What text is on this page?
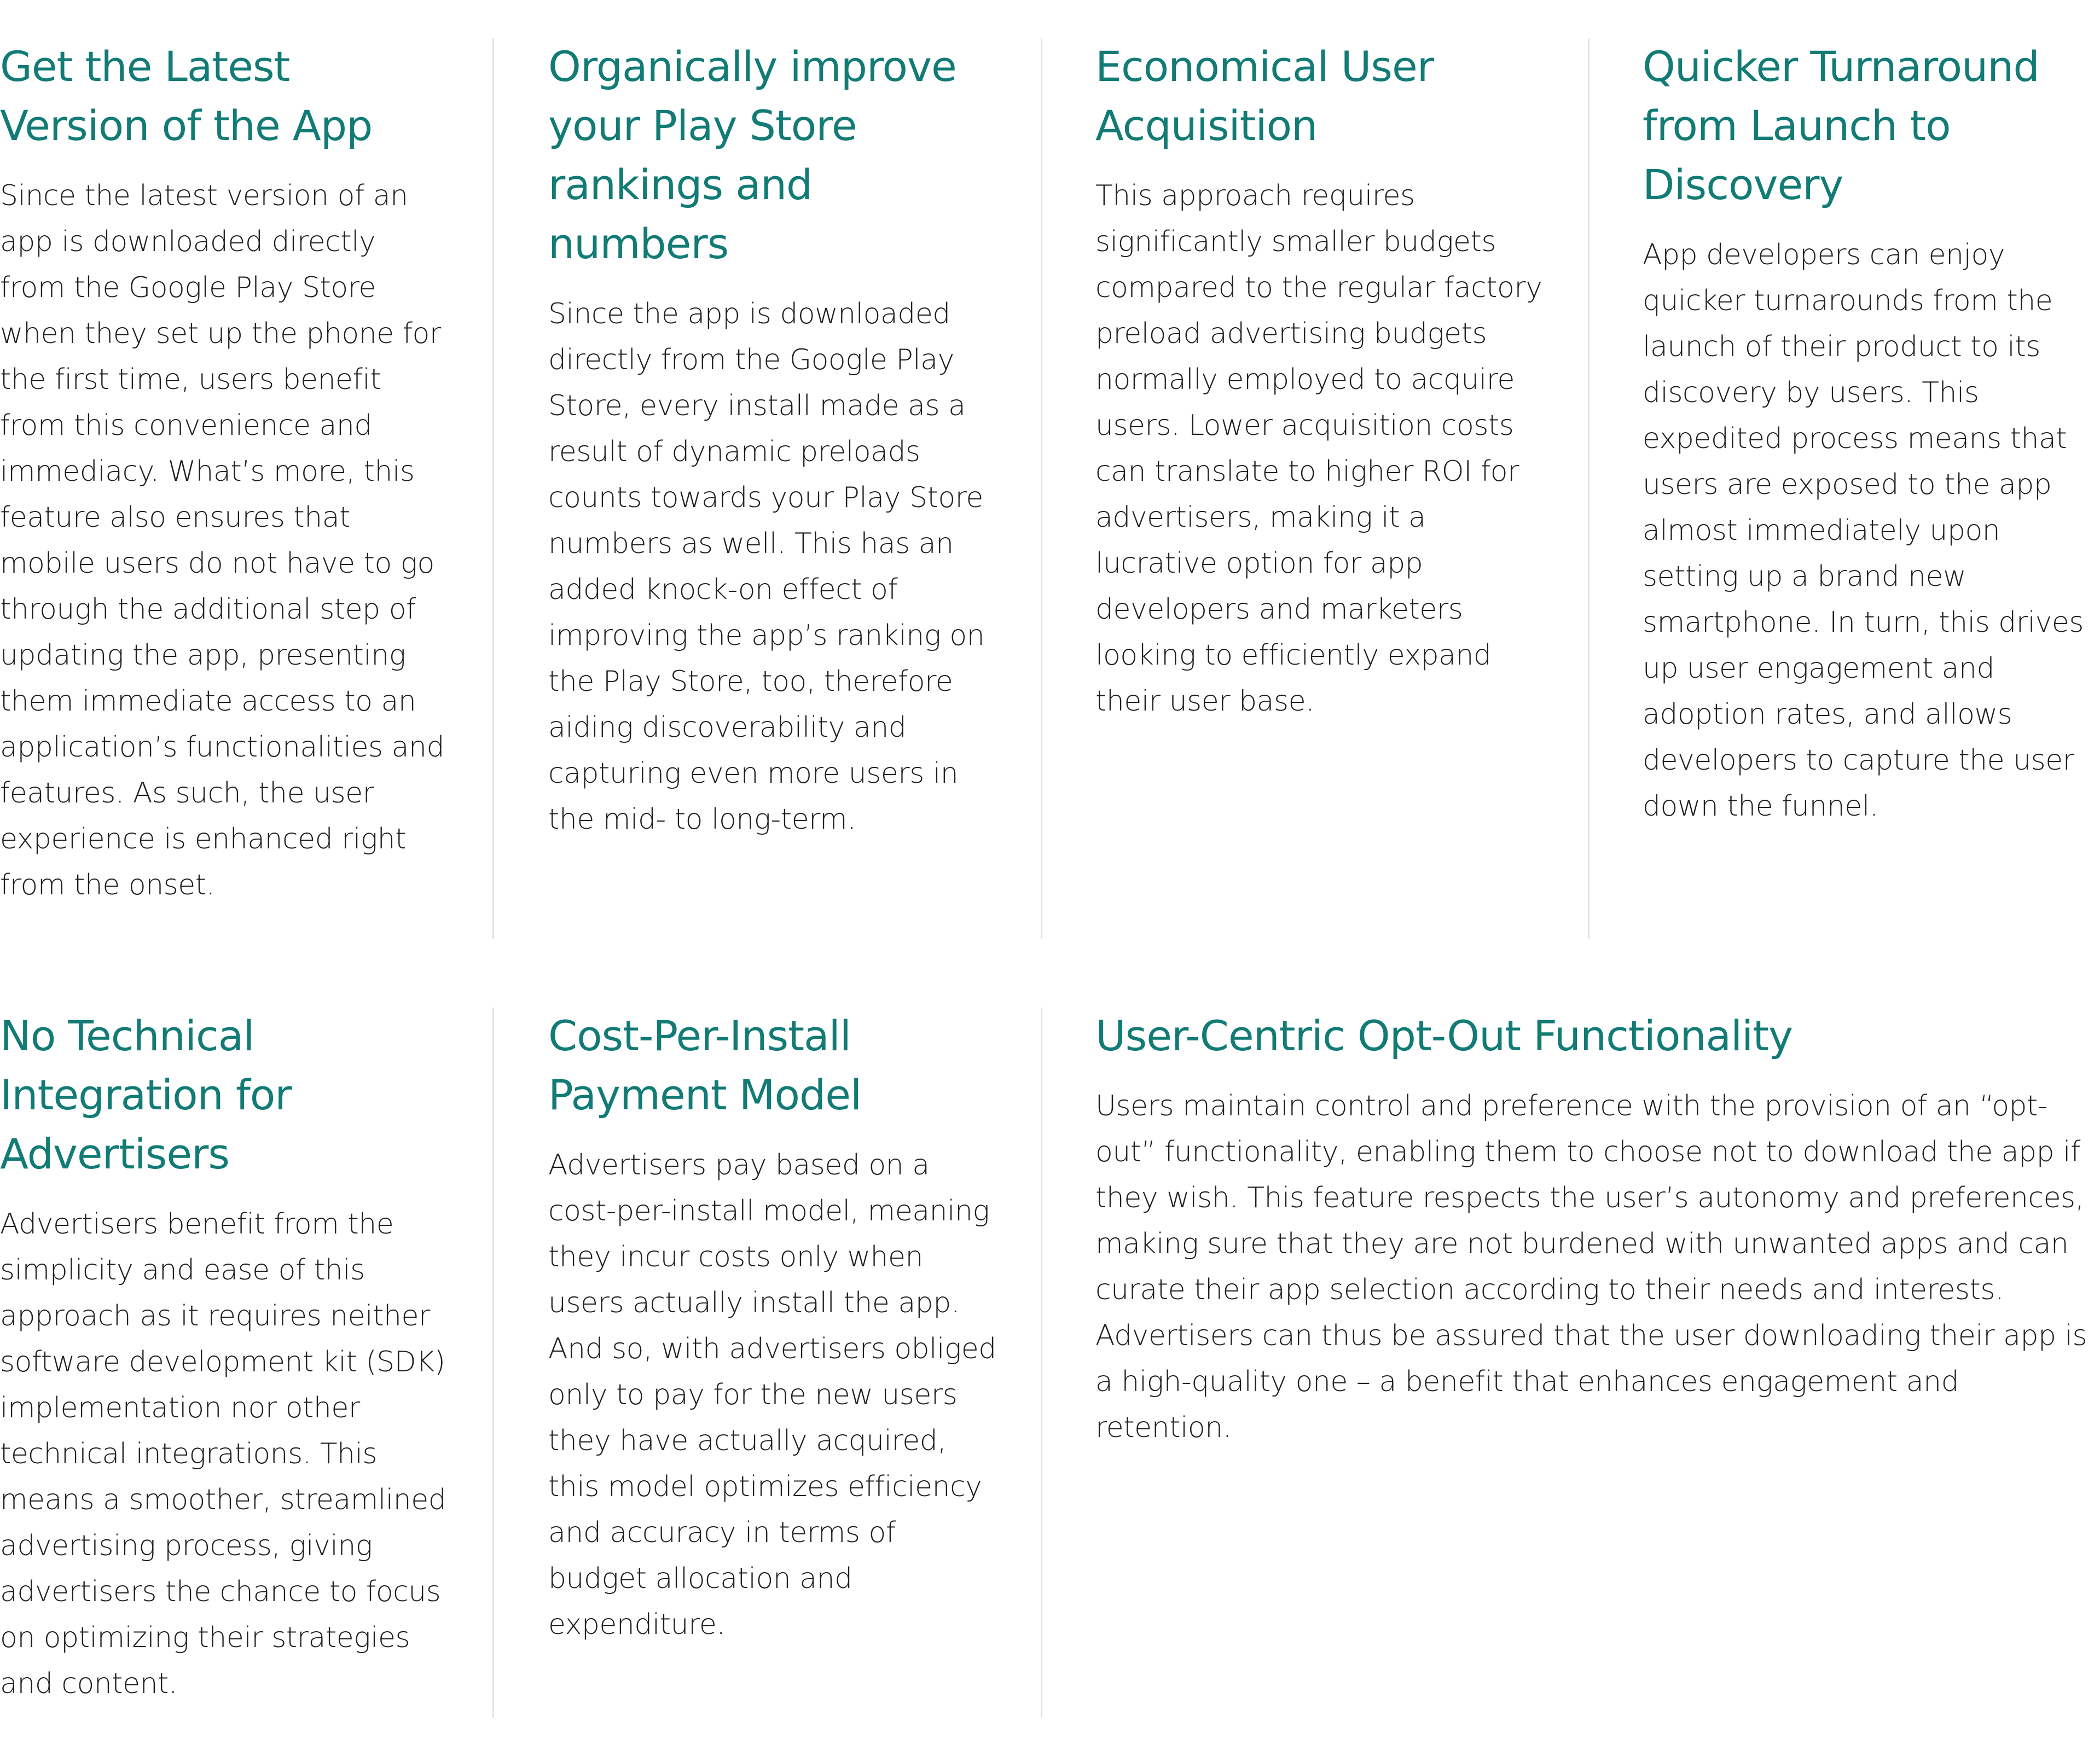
Get the Latest Version of the App

Since the latest version of an app is downloaded directly from the Google Play Store when they set up the phone for the first time, users benefit from this convenience and immediacy. What’s more, this feature also ensures that mobile users do not have to go through the additional step of updating the app, presenting them immediate access to an application’s functionalities and features. As such, the user experience is enhanced right from the onset.

Organically improve your Play Store rankings and numbers

Since the app is downloaded directly from the Google Play Store, every install made as a result of dynamic preloads counts towards your Play Store numbers as well. This has an added knock-on effect of improving the app’s ranking on the Play Store, too, therefore aiding discoverability and capturing even more users in the mid- to long-term.

Economical User Acquisition

This approach requires significantly smaller budgets compared to the regular factory preload advertising budgets normally employed to acquire users. Lower acquisition costs can translate to higher ROI for advertisers, making it a lucrative option for app developers and marketers looking to efficiently expand their user base.

Quicker Turnaround from Launch to Discovery

App developers can enjoy quicker turnarounds from the launch of their product to its discovery by users. This expedited process means that users are exposed to the app almost immediately upon setting up a brand new smartphone. In turn, this drives up user engagement and adoption rates, and allows developers to capture the user down the funnel.

No Technical Integration for Advertisers

Advertisers benefit from the simplicity and ease of this approach as it requires neither software development kit (SDK) implementation nor other technical integrations. This means a smoother, streamlined advertising process, giving advertisers the chance to focus on optimizing their strategies and content.

Cost-Per-Install Payment Model

Advertisers pay based on a cost-per-install model, meaning they incur costs only when users actually install the app. And so, with advertisers obliged only to pay for the new users they have actually acquired, this model optimizes efficiency and accuracy in terms of budget allocation and expenditure.

User-Centric Opt-Out Functionality

Users maintain control and preference with the provision of an “opt-out” functionality, enabling them to choose not to download the app if they wish. This feature respects the user’s autonomy and preferences, making sure that they are not burdened with unwanted apps and can curate their app selection according to their needs and interests. Advertisers can thus be assured that the user downloading their app is a high-quality one – a benefit that enhances engagement and retention.
